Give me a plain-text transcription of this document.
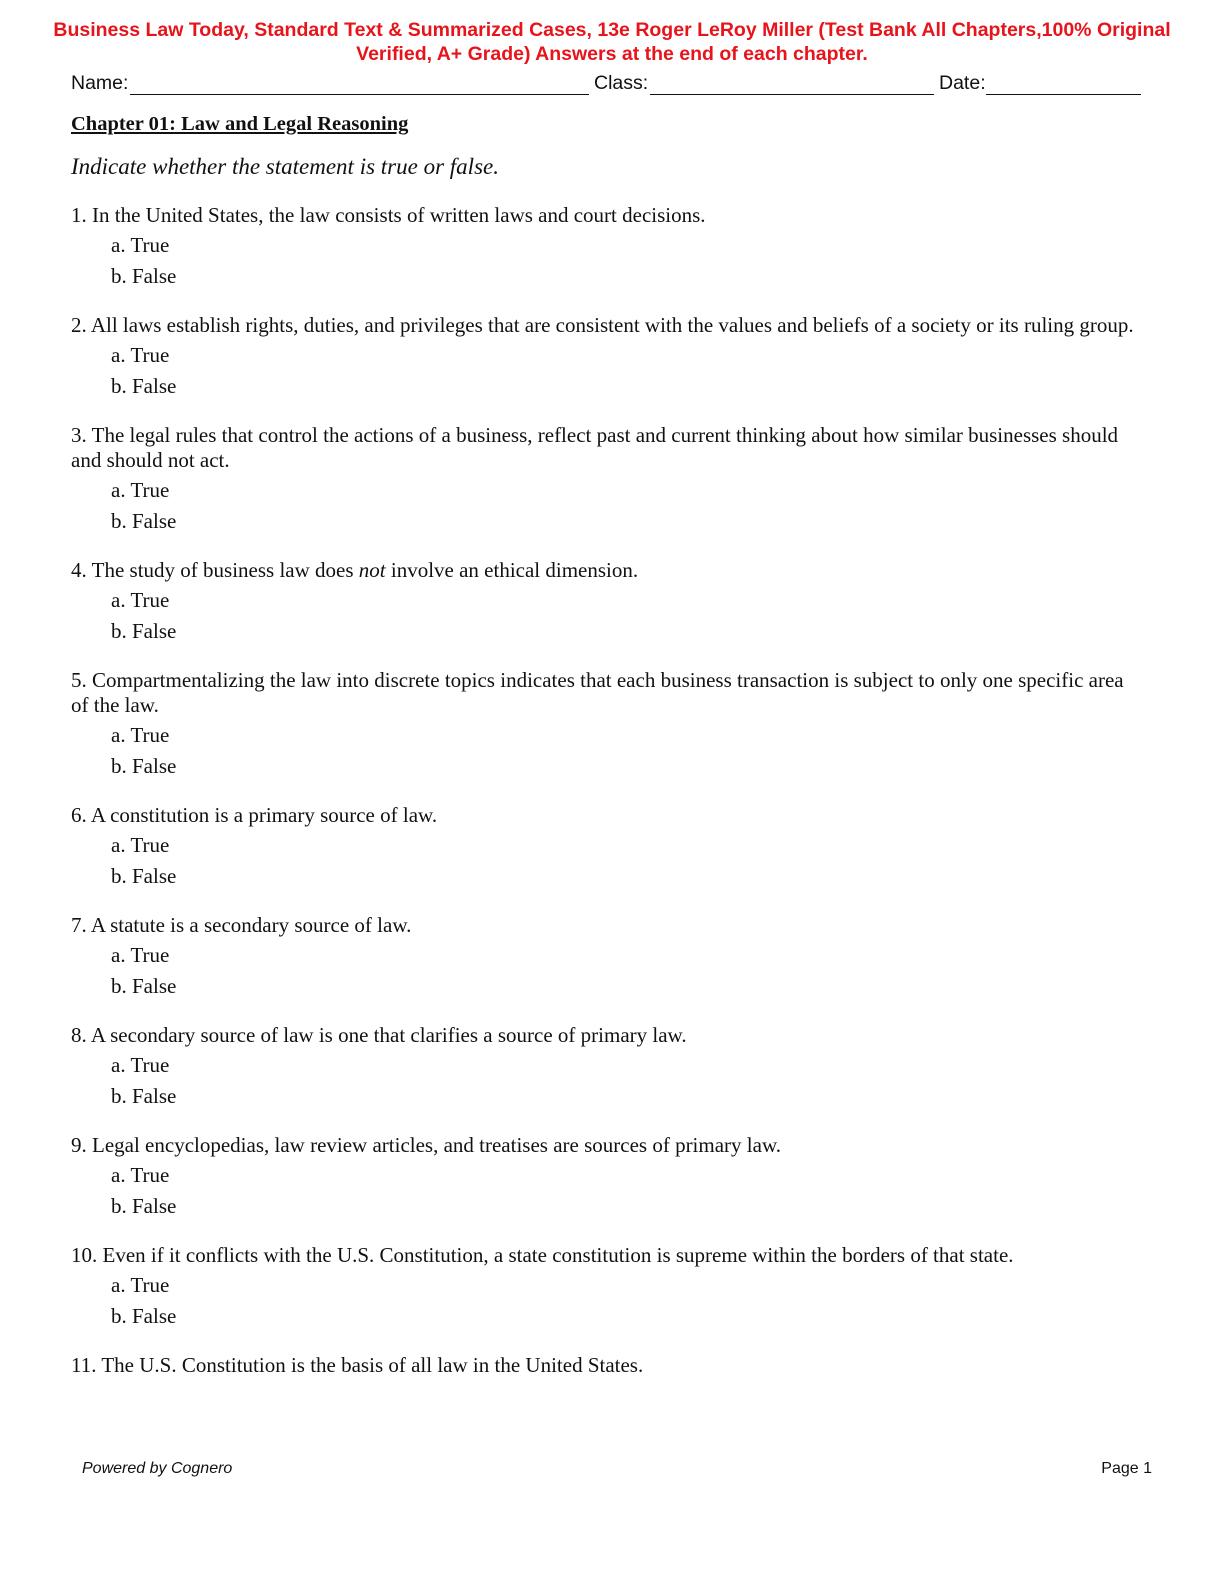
Business Law Today, Standard Text & Summarized Cases, 13e Roger LeRoy Miller (Test Bank All Chapters,100% Original
Verified, A+ Grade) Answers at the end of each chapter.
Name:	Class:	Date:
Chapter 01: Law and Legal Reasoning
Indicate whether the statement is true or false.

1. In the United States, the law consists of written laws and court decisions.

a. True
b. False

2. All laws establish rights, duties, and privileges that are consistent with the values and beliefs of a society or its ruling group.

a. True
b. False

3. The legal rules that control the actions of a business, reflect past and current thinking about how similar businesses should and should not act.

a. True
b. False

4. The study of business law does not involve an ethical dimension.

a. True
b. False

5. Compartmentalizing the law into discrete topics indicates that each business transaction is subject to only one specific area of the law.

a. True
b. False

6. A constitution is a primary source of law.

a. True
b. False

7. A statute is a secondary source of law.

a. True
b. False

8. A secondary source of law is one that clarifies a source of primary law.

a. True
b. False

9. Legal encyclopedias, law review articles, and treatises are sources of primary law.

a. True
b. False

10. Even if it conflicts with the U.S. Constitution, a state constitution is supreme within the borders of that state.

a. True
b. False

11. The U.S. Constitution is the basis of all law in the United States.

Powered by Cognero	Page 1
